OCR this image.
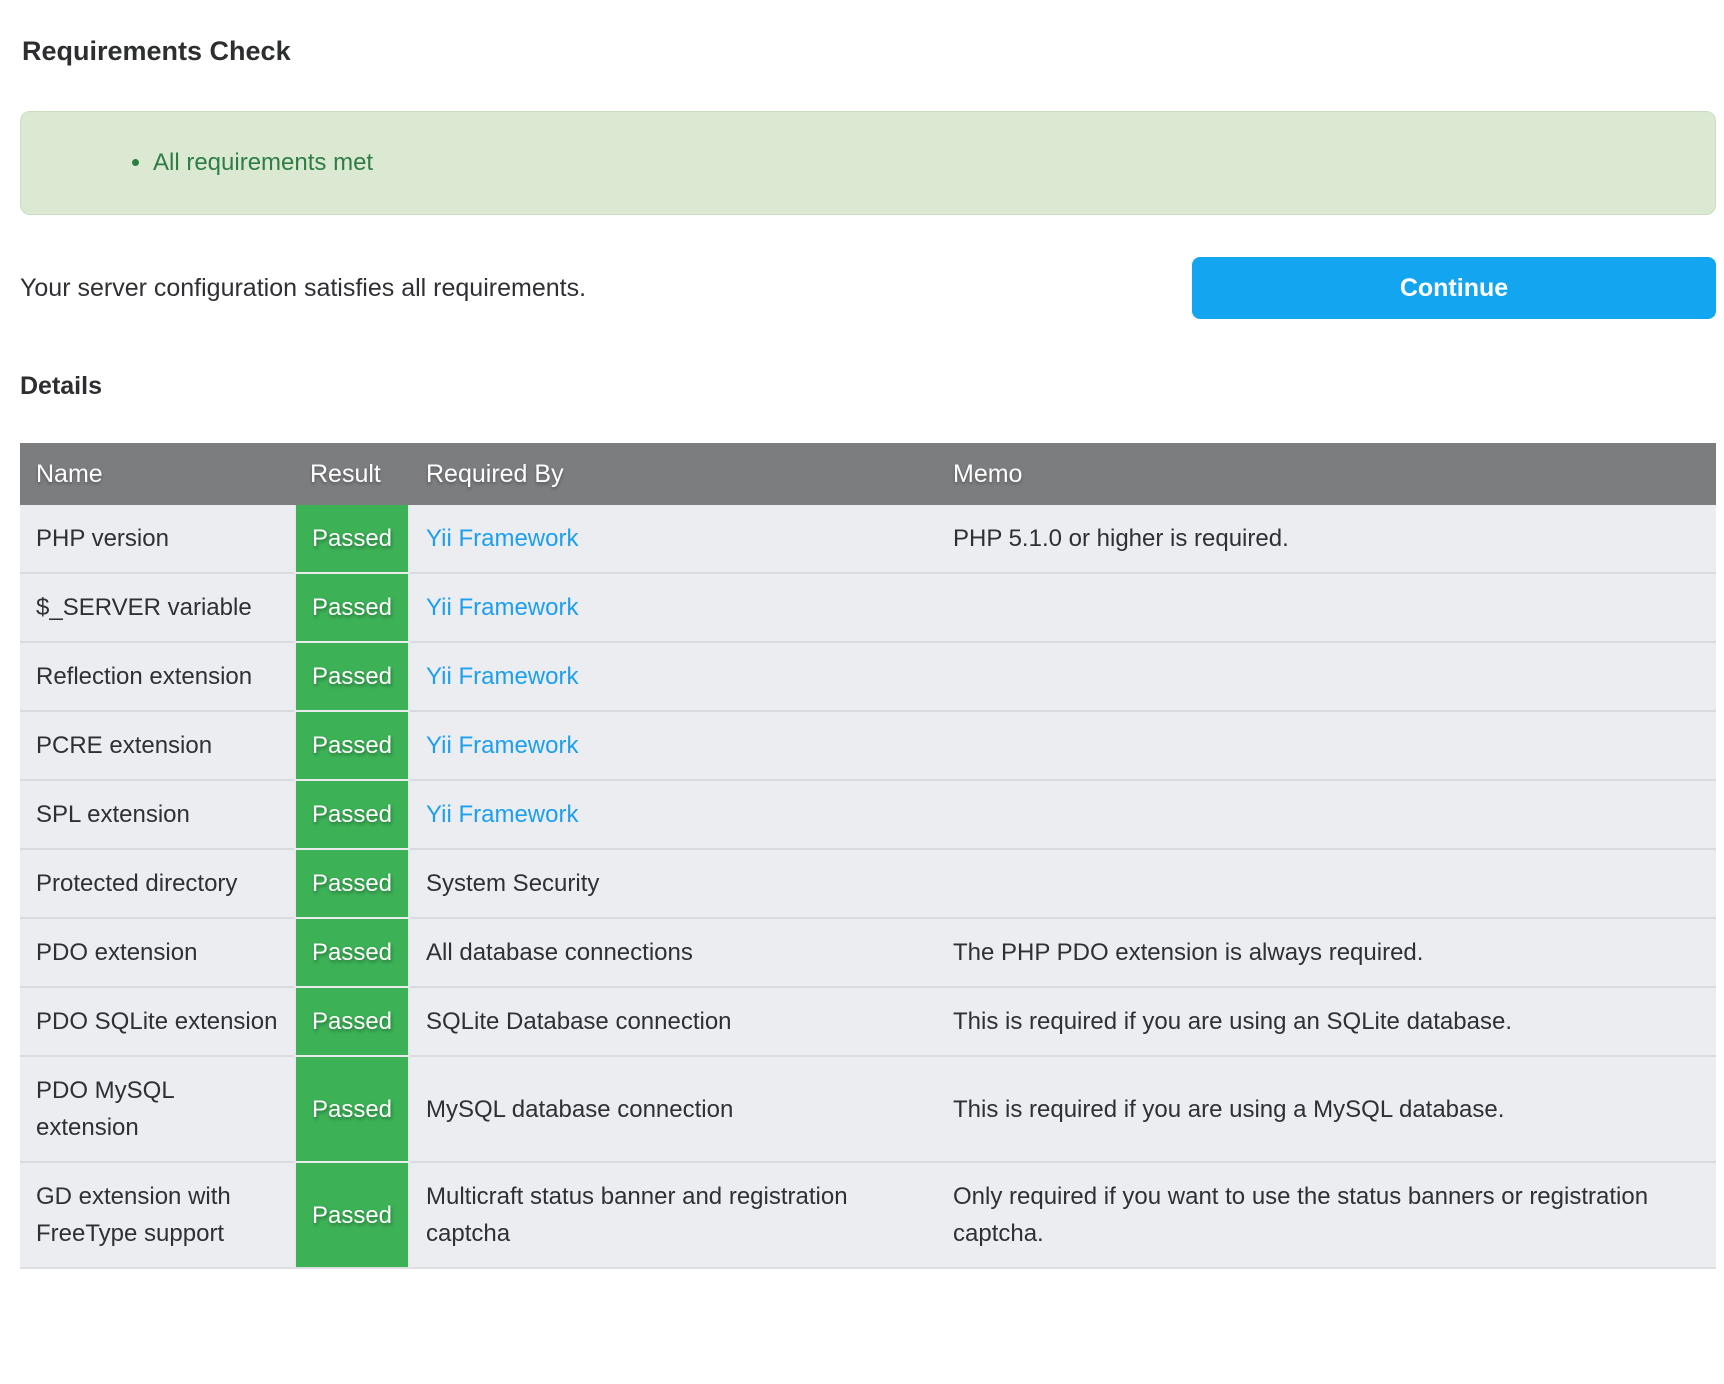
Requirements Check
• All requirements met
Your server configuration satisfies all requirements.	Continue
Details
Name	Result	Required By	Memo
PHP version	Passed	Yii Framework	PHP 5.1.0 or higher is required.
$_SERVER variable	Passed	Yii Framework	
Reflection extension	Passed	Yii Framework	
PCRE extension	Passed	Yii Framework	
SPL extension	Passed	Yii Framework	
Protected directory	Passed	System Security	
PDO extension	Passed	All database connections	The PHP PDO extension is always required.
PDO SQLite extension	Passed	SQLite Database connection	This is required if you are using an SQLite database.
PDO MySQL extension	Passed	MySQL database connection	This is required if you are using a MySQL database.
GD extension with FreeType support	Passed	Multicraft status banner and registration captcha	Only required if you want to use the status banners or registration captcha.
